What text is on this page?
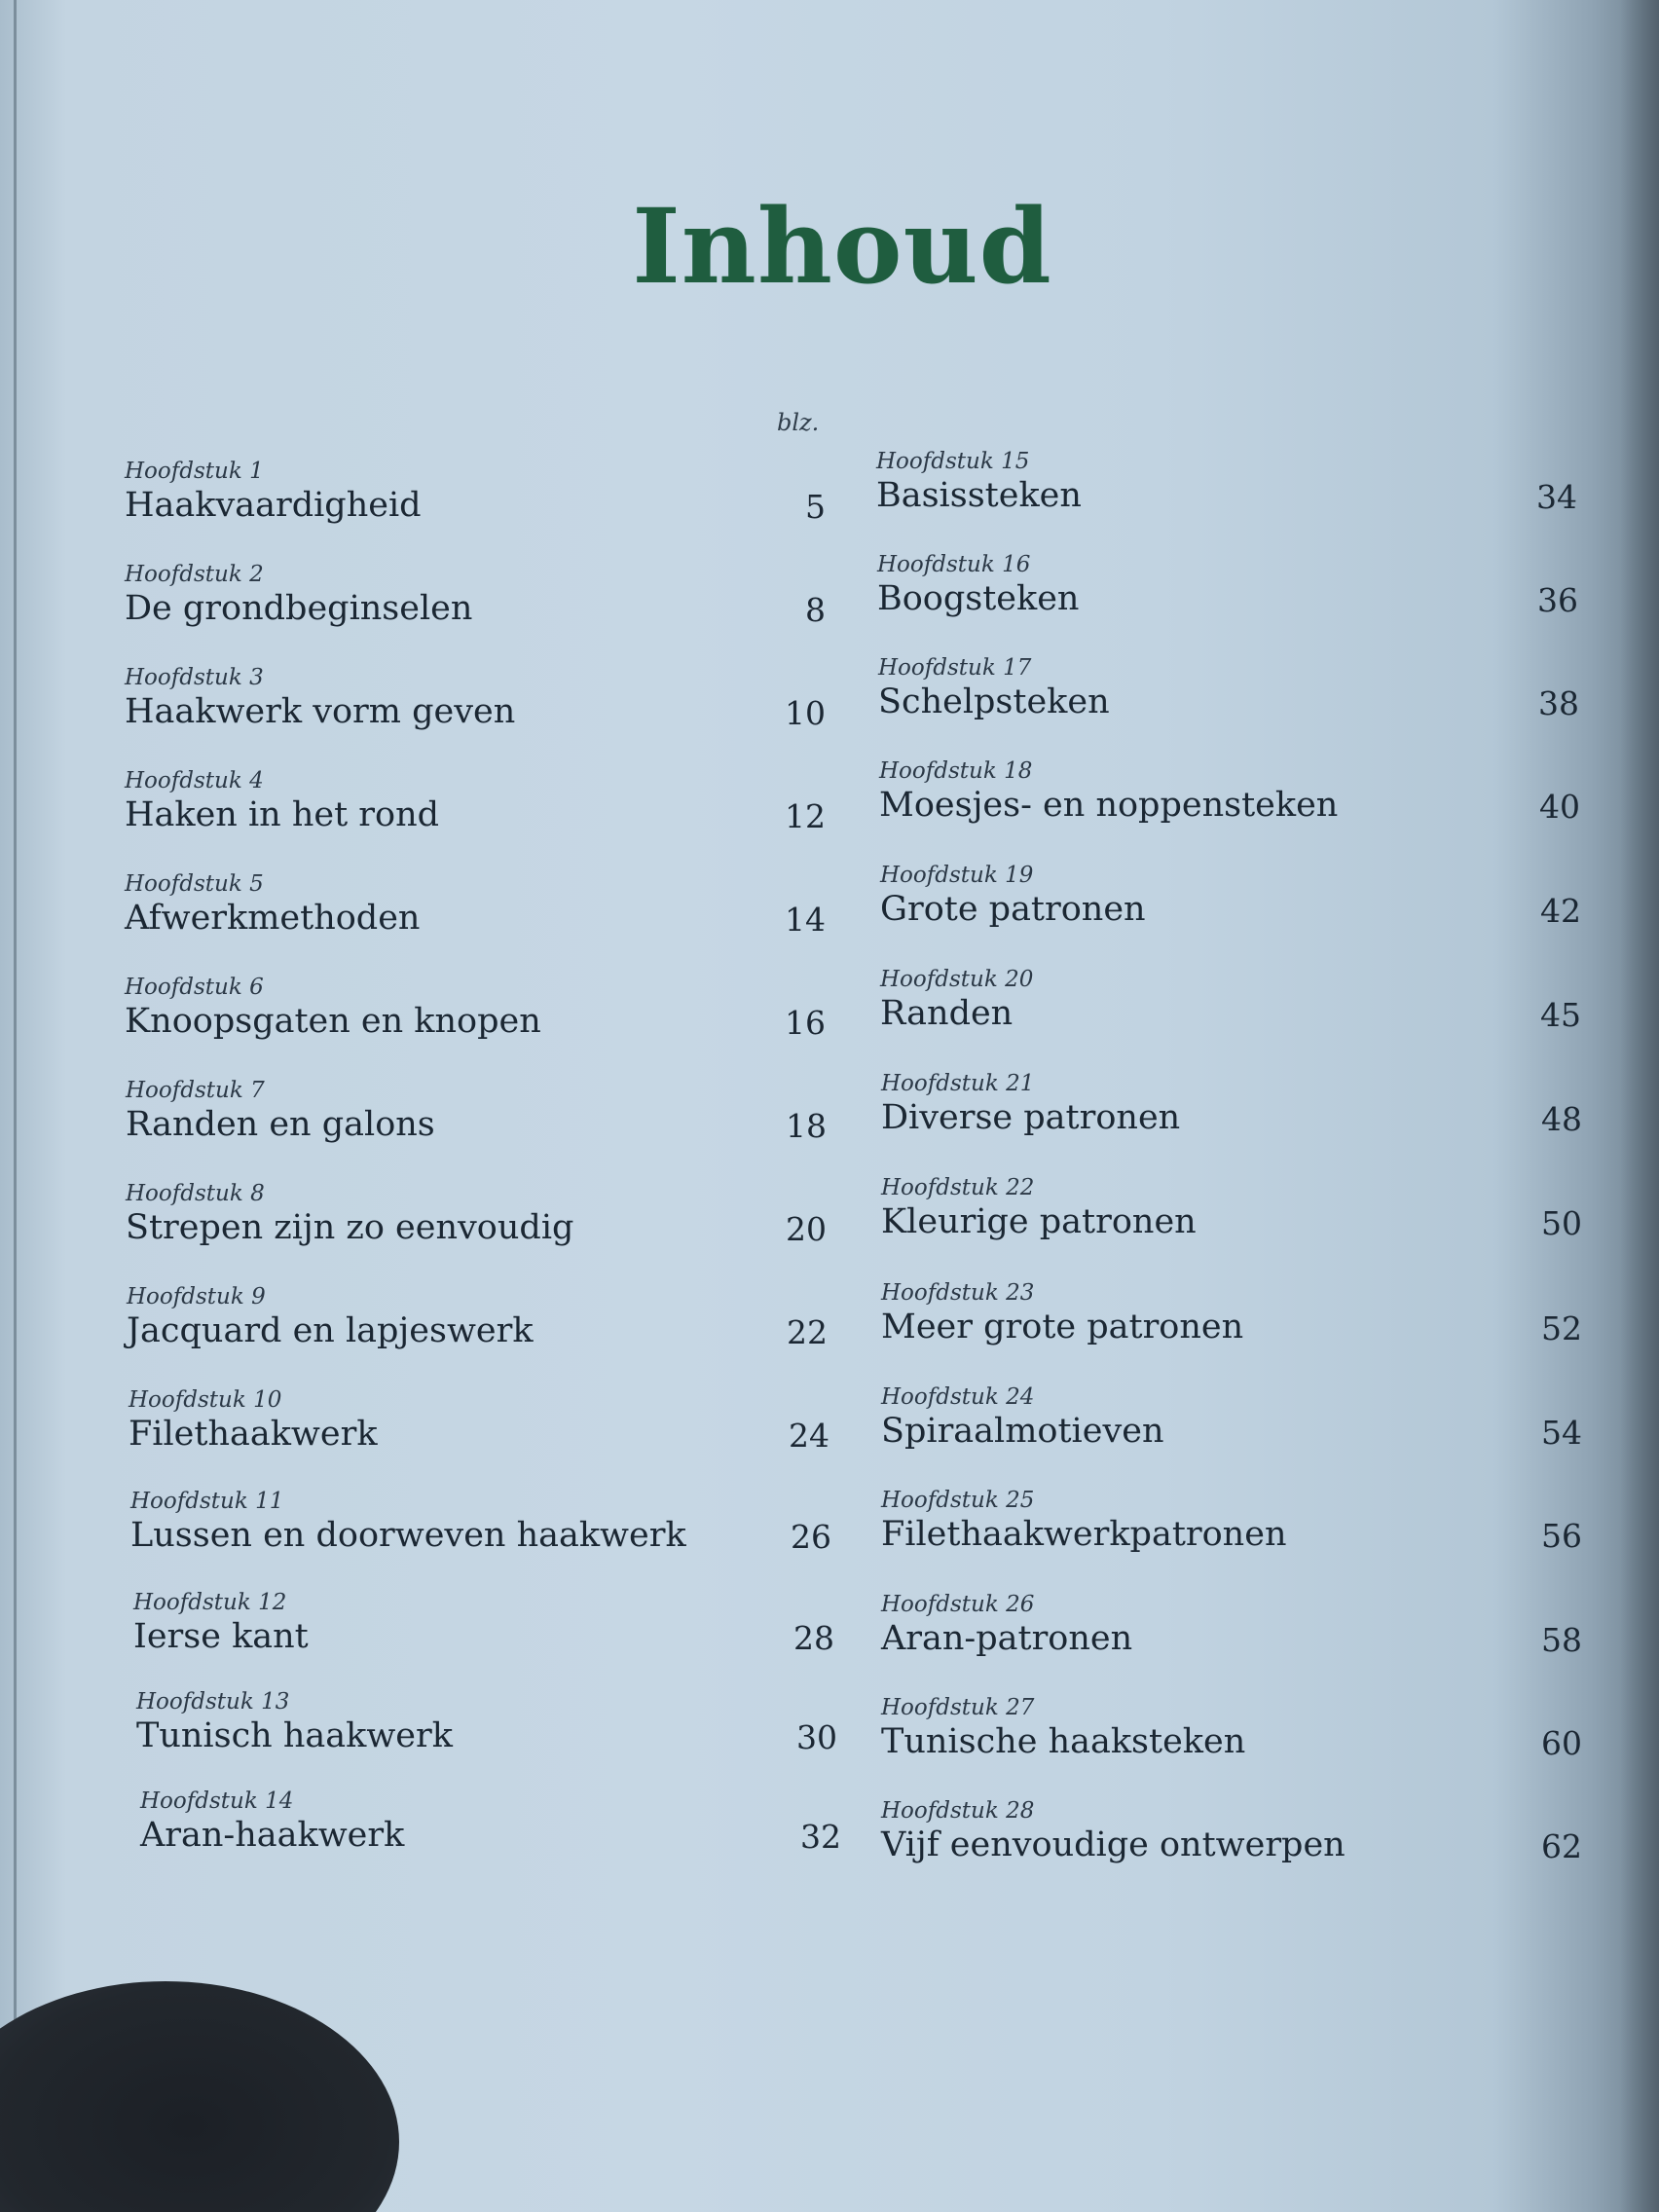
Inhoud
blz.
Hoofdstuk 1
Haakvaardigheid	5
Hoofdstuk 2
De grondbeginselen	8
Hoofdstuk 3
Haakwerk vorm geven	10
Hoofdstuk 4
Haken in het rond	12
Hoofdstuk 5
Afwerkmethoden	14
Hoofdstuk 6
Knoopsgaten en knopen	16
Hoofdstuk 7
Randen en galons	18
Hoofdstuk 8
Strepen zijn zo eenvoudig	20
Hoofdstuk 9
Jacquard en lapjeswerk	22
Hoofdstuk 10
Filethaakwerk	24
Hoofdstuk 11
Lussen en doorweven haakwerk	26
Hoofdstuk 12
Ierse kant	28
Hoofdstuk 13
Tunisch haakwerk	30
Hoofdstuk 14
Aran-haakwerk	32
Hoofdstuk 15
Basissteken	34
Hoofdstuk 16
Boogsteken	36
Hoofdstuk 17
Schelpsteken	38
Hoofdstuk 18
Moesjes- en noppensteken	40
Hoofdstuk 19
Grote patronen	42
Hoofdstuk 20
Randen	45
Hoofdstuk 21
Diverse patronen	48
Hoofdstuk 22
Kleurige patronen	50
Hoofdstuk 23
Meer grote patronen	52
Hoofdstuk 24
Spiraalmotieven	54
Hoofdstuk 25
Filethaakwerkpatronen	56
Hoofdstuk 26
Aran-patronen	58
Hoofdstuk 27
Tunische haaksteken	60
Hoofdstuk 28
Vijf eenvoudige ontwerpen	62
